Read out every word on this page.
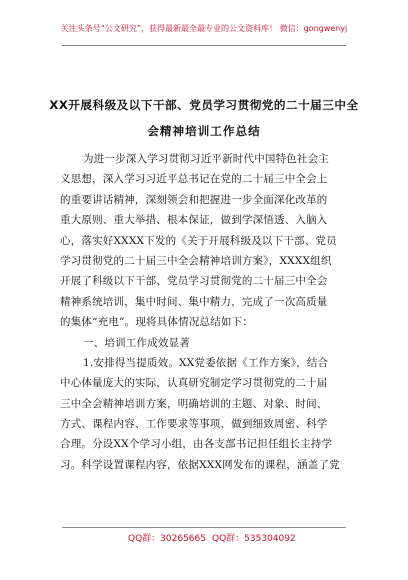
关注头条号“公文研究”，获得最新最全最专业的公文资料库！ 微信：gongwenyj
XX开展科级及以下干部、党员学习贯彻党的二十届三中全
会精神培训工作总结
为进一步深入学习贯彻习近平新时代中国特色社会主
义思想，深入学习习近平总书记在党的二十届三中全会上
的重要讲话精神，深刻领会和把握进一步全面深化改革的
重大原则、重大举措、根本保证，做到学深悟透、入脑入
心，落实好XXXX下发的《关于开展科级及以下干部、党员
学习贯彻党的二十届三中全会精神培训方案》，XXXX组织
开展了科级以下干部、党员学习贯彻党的二十届三中全会
精神系统培训，集中时间、集中精力，完成了一次高质量
的集体“充电”。现将具体情况总结如下：
一、培训工作成效显著
1.安排得当提质效。XX党委依据《工作方案》，结合
中心体量庞大的实际，认真研究制定学习贯彻党的二十届
三中全会精神培训方案，明确培训的主题、对象、时间、
方式、课程内容、工作要求等事项，做到细致周密、科学
合理。分设XX个学习小组，由各支部书记担任组长主持学
习。科学设置课程内容，依据XXX网发布的课程，涵盖了党
QQ群：30265665 QQ群：535304092
